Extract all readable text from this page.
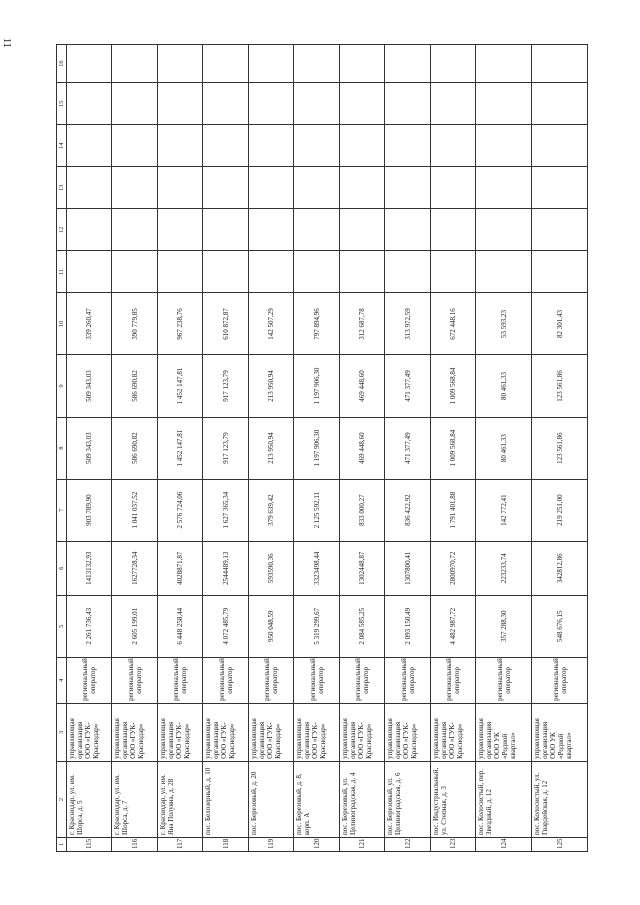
11
1	2	3	4	5	6	7	8	9	10	11	12	13	14	15	16
115	г. Краснодар, ул. им. Шорса, д. 5	управляющая организация ООО «ГУК-Краснодар»	региональный оператор	2 261 736,43	1413132,93	903 789,90	509 343,03	509 343,03	339 260,47						
116	г. Краснодар, ул. им. Шорса, д. 7	управляющая организация ООО «ГУК-Краснодар»	региональный оператор	2 605 199,01	1627728,34	1 041 037,52	586 690,82	586 690,82	390 779,85						
117	г. Краснодар, ул. им. Яна Полуяна, д. 28	управляющая организация ООО «ГУК-Краснодар»	региональный оператор	6 448 258,44	4028871,87	2 576 724,06	1 452 147,81	1 452 147,81	967 238,76						
118	пос. Белозерный, д. 10	управляющая организация ООО «ГУК-Краснодар»	региональный оператор	4 072 485,79	2544489,13	1 627 365,34	917 123,79	917 123,79	610 872,87						
119	пос. Березовый, д. 20	управляющая организация ООО «ГУК-Краснодар»	региональный оператор	950 048,59	593590,36	379 639,42	213 950,94	213 950,94	142 507,29						
120	пос. Березовый, д. 8, корп. А	управляющая организация ООО «ГУК-Краснодар»	региональный оператор	5 319 299,67	3323498,44	2 125 592,11	1 197 906,30	1 197 906,30	797 894,96						
121	пос. Березовый, ул. Целиноградская, д. 4	управляющая организация ООО «ГУК-Краснодар»	региональный оператор	2 084 585,25	1302448,87	833 000,27	469 448,60	469 448,60	312 687,78						
122	пос. Березовый, ул. Целиноградская, д. 6	управляющая организация ООО «ГУК-Краснодар»	региональный оператор	2 093 150,49	1307800,41	836 422,92	471 377,49	471 377,49	313 972,59						
123	пос. Индустриальный, ул. Степная, д. 3	управляющая организация ООО «ГУК-Краснодар»	региональный оператор	4 482 987,72	2800970,72	1 791 401,88	1 009 568,84	1 009 568,84	672 448,16						
124	пос. Колосистый, пер. Звездный, д. 12	управляющая организация ООО УК «Родной квартал»	региональный оператор	357 288,30	223233,74	142 772,41	80 461,33	80 461,33	53 593,23						
125	пос. Колосистый, ул. Гвардейская, д. 12	управляющая организация ООО УК «Родной квартал»	региональный оператор	548 676,15	342812,86	219 251,00	123 561,86	123 561,86	82 301,43						
